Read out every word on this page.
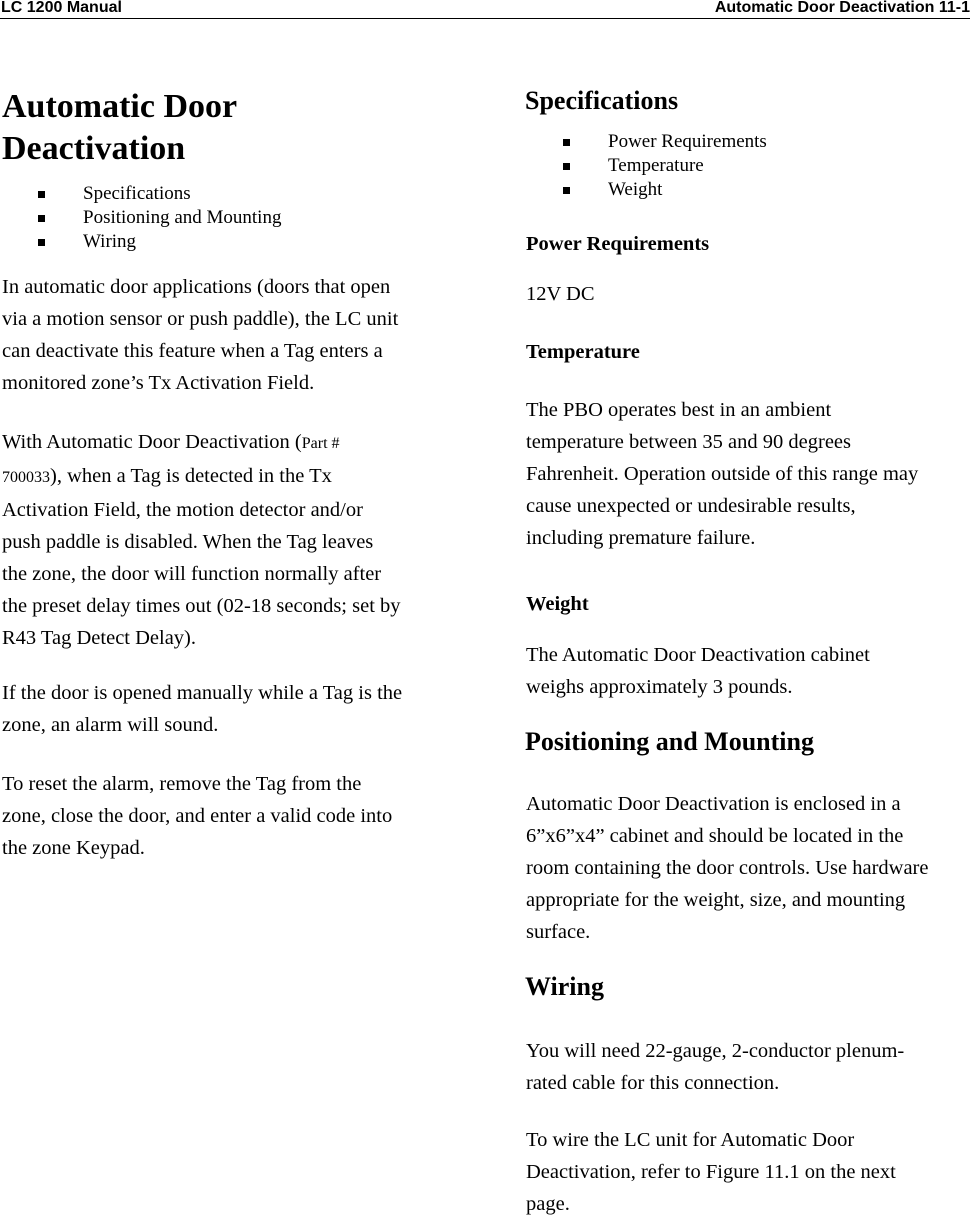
LC 1200 Manual	Automatic Door Deactivation 11-1
Automatic Door
Deactivation
Specifications
Positioning and Mounting
Wiring

In automatic door applications (doors that open

via a motion sensor or push paddle), the LC unit

can deactivate this feature when a Tag enters a

monitored zone’s Tx Activation Field.

With Automatic Door Deactivation (Part #

700033), when a Tag is detected in the Tx

Activation Field, the motion detector and/or

push paddle is disabled. When the Tag leaves

the zone, the door will function normally after

the preset delay times out (02-18 seconds; set by

R43 Tag Detect Delay).

If the door is opened manually while a Tag is the

zone, an alarm will sound.

To reset the alarm, remove the Tag from the

zone, close the door, and enter a valid code into

the zone Keypad.

Specifications
Power Requirements
Temperature
Weight
Power Requirements

12V DC

Temperature

The PBO operates best in an ambient

temperature between 35 and 90 degrees

Fahrenheit. Operation outside of this range may

cause unexpected or undesirable results,

including premature failure.

Weight

The Automatic Door Deactivation cabinet

weighs approximately 3 pounds.

Positioning and Mounting

Automatic Door Deactivation is enclosed in a

6”x6”x4” cabinet and should be located in the

room containing the door controls. Use hardware

appropriate for the weight, size, and mounting

surface.

Wiring

You will need 22-gauge, 2-conductor plenum-

rated cable for this connection.

To wire the LC unit for Automatic Door

Deactivation, refer to Figure 11.1 on the next

page.
